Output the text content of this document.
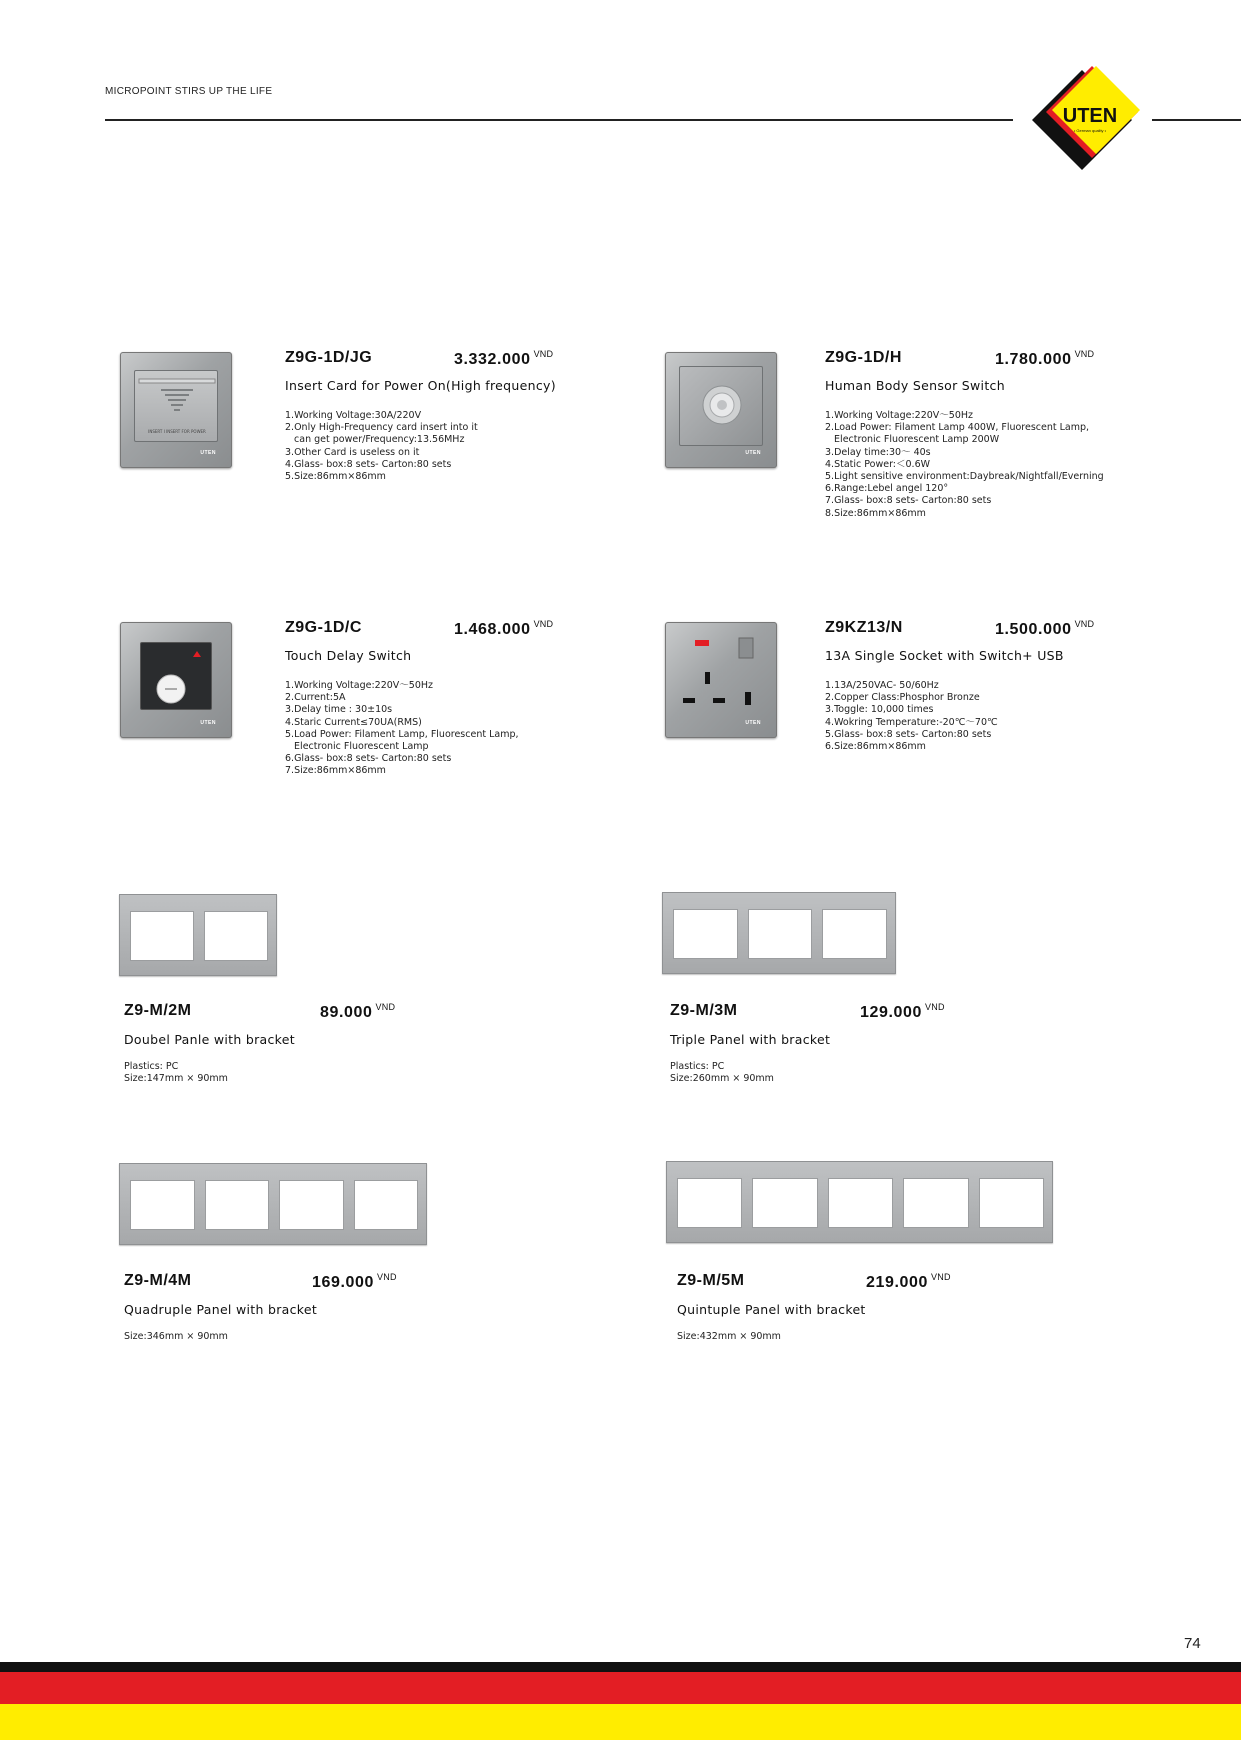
MICROPOINT STIRS UP THE LIFE
UTEN
• German quality •
INSERT I INSERT FOR POWER
UTEN
Z9G-1D/JG	3.332.000 $^{VND}$
Insert Card for Power On(High frequency)
1.Working Voltage:30A/220V
2.Only High-Frequency card insert into it
can get power/Frequency:13.56MHz
3.Other Card is useless on it
4.Glass- box:8 sets- Carton:80 sets
5.Size:86mm×86mm
UTEN
Z9G-1D/H	1.780.000 $^{VND}$
Human Body Sensor Switch
1.Working Voltage:220V～50Hz
2.Load Power: Filament Lamp 400W, Fluorescent Lamp,
Electronic Fluorescent Lamp 200W
3.Delay time:30～ 40s
4.Static Power:＜0.6W
5.Light sensitive environment:Daybreak/Nightfall/Everning
6.Range:Lebel angel 120°
7.Glass- box:8 sets- Carton:80 sets
8.Size:86mm×86mm
UTEN
Z9G-1D/C	1.468.000 $^{VND}$
Touch Delay Switch
1.Working Voltage:220V～50Hz
2.Current:5A
3.Delay time : 30±10s
4.Staric Current≤70UA(RMS)
5.Load Power: Filament Lamp, Fluorescent Lamp,
Electronic Fluorescent Lamp
6.Glass- box:8 sets- Carton:80 sets
7.Size:86mm×86mm
UTEN
Z9KZ13/N	1.500.000 $^{VND}$
13A Single Socket with Switch+ USB
1.13A/250VAC- 50/60Hz
2.Copper Class:Phosphor Bronze
3.Toggle: 10,000 times
4.Wokring Temperature:-20℃～70℃
5.Glass- box:8 sets- Carton:80 sets
6.Size:86mm×86mm
Z9-M/2M	89.000 $^{VND}$
Doubel Panle with bracket
Plastics: PC
Size:147mm × 90mm
Z9-M/3M	129.000 $^{VND}$
Triple Panel with bracket
Plastics: PC
Size:260mm × 90mm
Z9-M/4M	169.000 $^{VND}$
Quadruple Panel with bracket
Size:346mm × 90mm
Z9-M/5M	219.000 $^{VND}$
Quintuple Panel with bracket
Size:432mm × 90mm
74
